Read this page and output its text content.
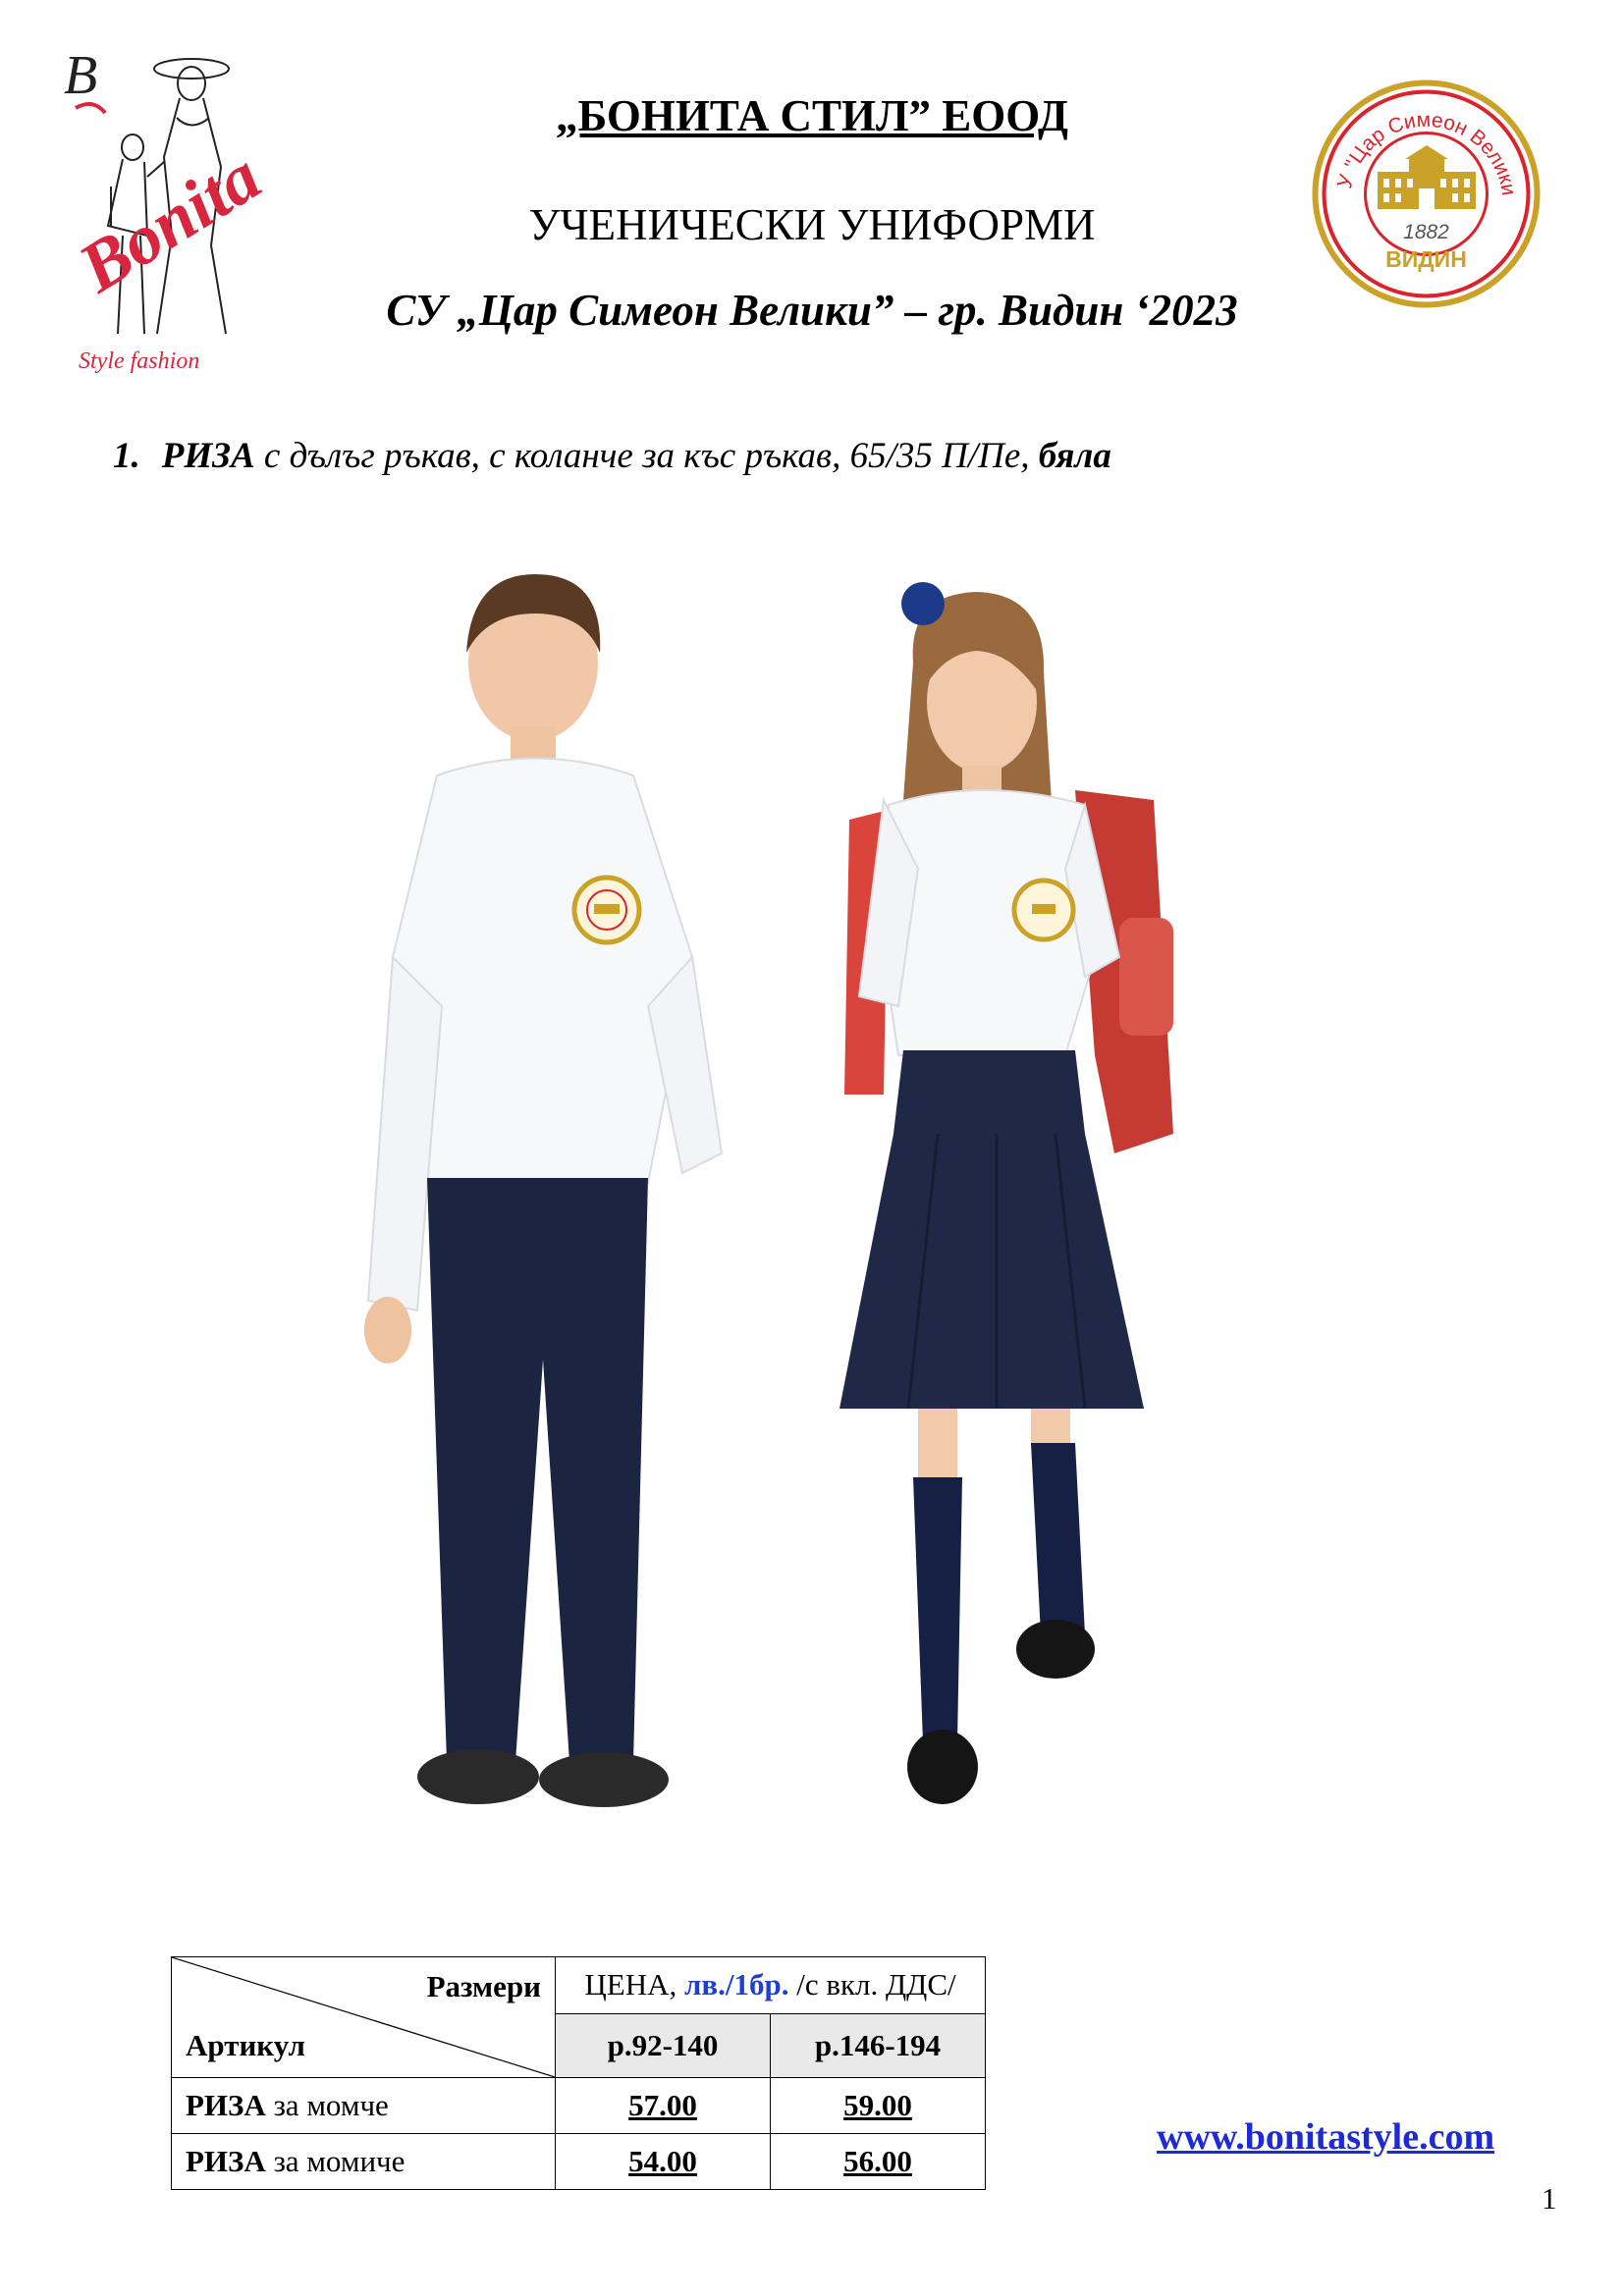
B
Bonita
Style fashion
У "Цар Симеон Велики
1882
ВИДИН
„БОНИТА СТИЛ” ЕООД
УЧЕНИЧЕСКИ УНИФОРМИ
СУ „Цар Симеон Велики” – гр. Видин ‘2023
1. РИЗА с дълъг ръкав, с коланче за къс ръкав, 65/35 П/Пе, бяла
Размери
Артикул	ЦЕНА, лв./1бр. /с вкл. ДДС/	
	р.92-140	р.146-194
РИЗА за момче	57.00	59.00
РИЗА за момиче	54.00	56.00
www.bonitastyle.com
1
